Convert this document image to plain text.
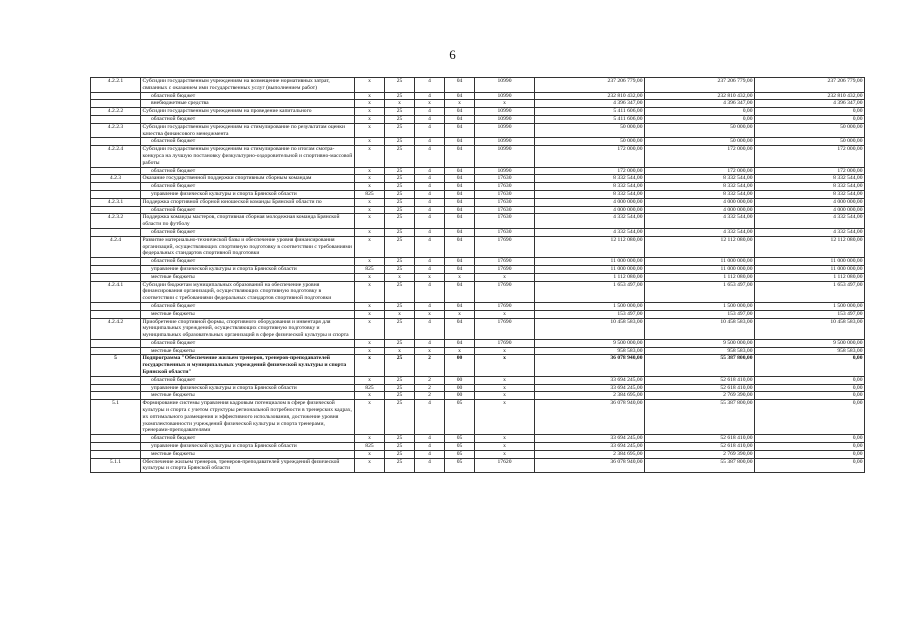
6
4.2.2.1	Субсидии государственным учреждениям на возмещение нормативных затрат, связанных с оказанием ими государственных услуг (выполнением работ)	х	25	4	04	10990	237 206 779,00	237 206 779,00	237 206 779,00
	областной бюджет	х	25	4	04	10990	232 810 432,00	232 810 432,00	232 810 432,00
	внебюджетные средства	х	х	х	х	х	4 396 347,00	4 396 347,00	4 396 347,00
4.2.2.2	Субсидии государственным учреждениям на проведение капитального	х	25	4	04	10990	5 411 606,00	0,00	0,00
	областной бюджет	х	25	4	04	10990	5 411 606,00	0,00	0,00
4.2.2.3	Субсидии государственным учреждениям на стимулирование по результатам оценки качества финансового менеджмента	х	25	4	04	10990	50 000,00	50 000,00	50 000,00
	областной бюджет	х	25	4	04	10990	50 000,00	50 000,00	50 000,00
4.2.2.4	Субсидии государственным учреждениям на стимулирование по итогам смотра-конкурса на лучшую постановку физкультурно-оздоровительной и спортивно-массовой работы	х	25	4	04	10990	172 000,00	172 000,00	172 000,00
	областной бюджет	х	25	4	04	10990	172 000,00	172 000,00	172 000,00
4.2.3	Оказание государственной поддержки спортивным сборным командам	х	25	4	04	17630	8 332 544,00	8 332 544,00	8 332 544,00
	областной бюджет	х	25	4	04	17630	8 332 544,00	8 332 544,00	8 332 544,00
	управление физической культуры и спорта Брянской области	825	25	4	04	17630	8 332 544,00	8 332 544,00	8 332 544,00
4.2.3.1	Поддержка спортивной сборной юношеской команды Брянской области по	х	25	4	04	17630	4 000 000,00	4 000 000,00	4 000 000,00
	областной бюджет	х	25	4	04	17630	4 000 000,00	4 000 000,00	4 000 000,00
4.2.3.2	Поддержка команды мастеров, спортивная сборная молодежная команда Брянской области по футболу	х	25	4	04	17630	4 332 544,00	4 332 544,00	4 332 544,00
	областной бюджет	х	25	4	04	17630	4 332 544,00	4 332 544,00	4 332 544,00
4.2.4	Развитие материально-технической базы и обеспечение уровня финансирования организаций, осуществляющих спортивную подготовку в соответствии с требованиями федеральных стандартов спортивной подготовки	х	25	4	04	17690	12 112 080,00	12 112 080,00	12 112 080,00
	областной бюджет	х	25	4	04	17690	11 000 000,00	11 000 000,00	11 000 000,00
	управление физической культуры и спорта Брянской области	825	25	4	04	17690	11 000 000,00	11 000 000,00	11 000 000,00
	местные бюджеты	х	х	х	х	х	1 112 080,00	1 112 080,00	1 112 080,00
4.2.4.1	Субсидии бюджетам муниципальных образований на обеспечение уровня финансирования организаций, осуществляющих спортивную подготовку в соответствии с требованиями федеральных стандартов спортивной подготовки	х	25	4	04	17690	1 653 497,00	1 653 497,00	1 653 497,00
	областной бюджет	х	25	4	04	17690	1 500 000,00	1 500 000,00	1 500 000,00
	местные бюджеты	х	х	х	х	х	153 497,00	153 497,00	153 497,00
4.2.4.2	Приобретение спортивной формы, спортивного оборудования и инвентаря для муниципальных учреждений, осуществляющих спортивную подготовку и муниципальных образовательных организаций в сфере физической культуры и спорта	х	25	4	04	17690	10 458 583,00	10 458 583,00	10 458 583,00
	областной бюджет	х	25	4	04	17690	9 500 000,00	9 500 000,00	9 500 000,00
	местные бюджеты	х	х	х	х	х	958 583,00	958 583,00	958 583,00
5	Подпрограмма "Обеспечение жильем тренеров, тренеров-преподавателей государственных и муниципальных учреждений физической культуры и спорта Брянской области"	х	25	2	00	х	36 078 940,00	55 387 800,00	0,00
	областной бюджет	х	25	2	00	х	33 694 245,00	52 618 410,00	0,00
	управление физической культуры и спорта Брянской области	825	25	2	00	х	33 694 245,00	52 618 410,00	0,00
	местные бюджеты	х	25	2	00	х	2 384 695,00	2 769 390,00	0,00
5.1	Формирование системы управления кадровым потенциалом в сфере физической культуры и спорта с учетом структуры региональной потребности в тренерских кадрах, их оптимального размещения и эффективного использования, достижение уровня укомплектованности учреждений физической культуры и спорта тренерами, тренерами-преподавателями	х	25	4	05	х	36 078 940,00	55 387 800,00	0,00
	областной бюджет	х	25	4	05	х	33 694 245,00	52 618 410,00	0,00
	управление физической культуры и спорта Брянской области	825	25	4	05	х	33 694 245,00	52 618 410,00	0,00
	местные бюджеты	х	25	4	05	х	2 384 695,00	2 769 390,00	0,00
5.1.1	Обеспечение жильем тренеров, тренеров-преподавателей учреждений физической культуры и спорта Брянской области	х	25	4	05	17620	36 078 940,00	55 387 800,00	0,00
